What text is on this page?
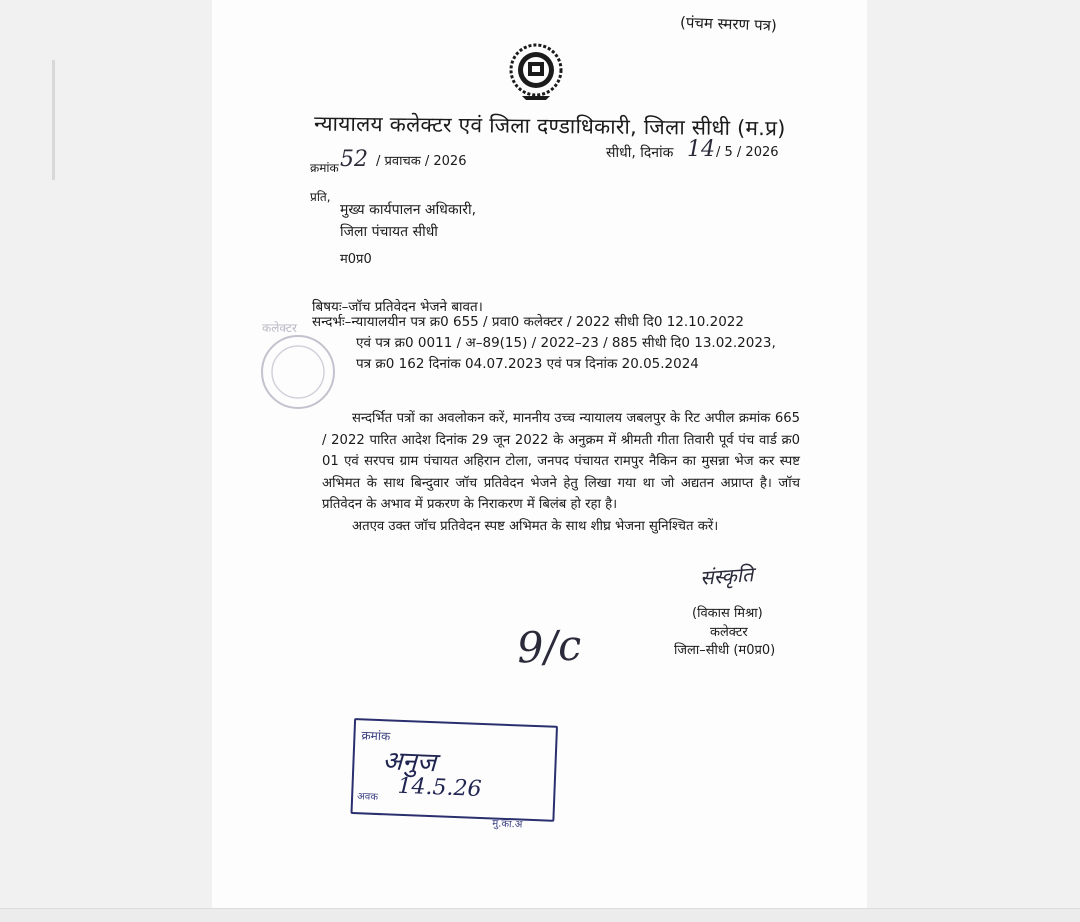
(पंचम स्मरण पत्र)
न्यायालय कलेक्टर एवं जिला दण्डाधिकारी, जिला सीधी (म.प्र)
क्रमांक 52 / प्रवाचक / 2026
सीधी, दिनांक 14 / 5 / 2026
प्रति,
मुख्य कार्यपालन अधिकारी,
जिला पंचायत सीधी
म0प्र0
कलेक्टर
बिषयः–जॉच प्रतिवेदन भेजने बावत।
सन्दर्भः–न्यायालयीन पत्र क्र0 655 / प्रवा0 कलेक्टर / 2022 सीधी दि0 12.10.2022
एवं पत्र क्र0 0011 / अ–89(15) / 2022–23 / 885 सीधी दि0 13.02.2023,
पत्र क्र0 162 दिनांक 04.07.2023 एवं पत्र दिनांक 20.05.2024

सन्दर्भित पत्रों का अवलोकन करें, माननीय उच्च न्यायालय जबलपुर के रिट अपील क्रमांक 665 / 2022 पारित आदेश दिनांक 29 जून 2022 के अनुक्रम में श्रीमती गीता तिवारी पूर्व पंच वार्ड क्र0 01 एवं सरपच ग्राम पंचायत अहिरान टोला, जनपद पंचायत रामपुर नैकिन का मुसन्ना भेज कर स्पष्ट अभिमत के साथ बिन्दुवार जॉच प्रतिवेदन भेजने हेतु लिखा गया था जो अद्यतन अप्राप्त है। जॉच प्रतिवेदन के अभाव में प्रकरण के निराकरण में बिलंब हो रहा है।

अतएव उक्त जॉच प्रतिवेदन स्पष्ट अभिमत के साथ शीघ्र भेजना सुनिश्चित करें।

संस्कृति
(विकास मिश्रा)
कलेक्टर
जिला–सीधी (म0प्र0)
9/c
क्रमांक
अनुज
अवक 14.5.26
मु.का.अ
